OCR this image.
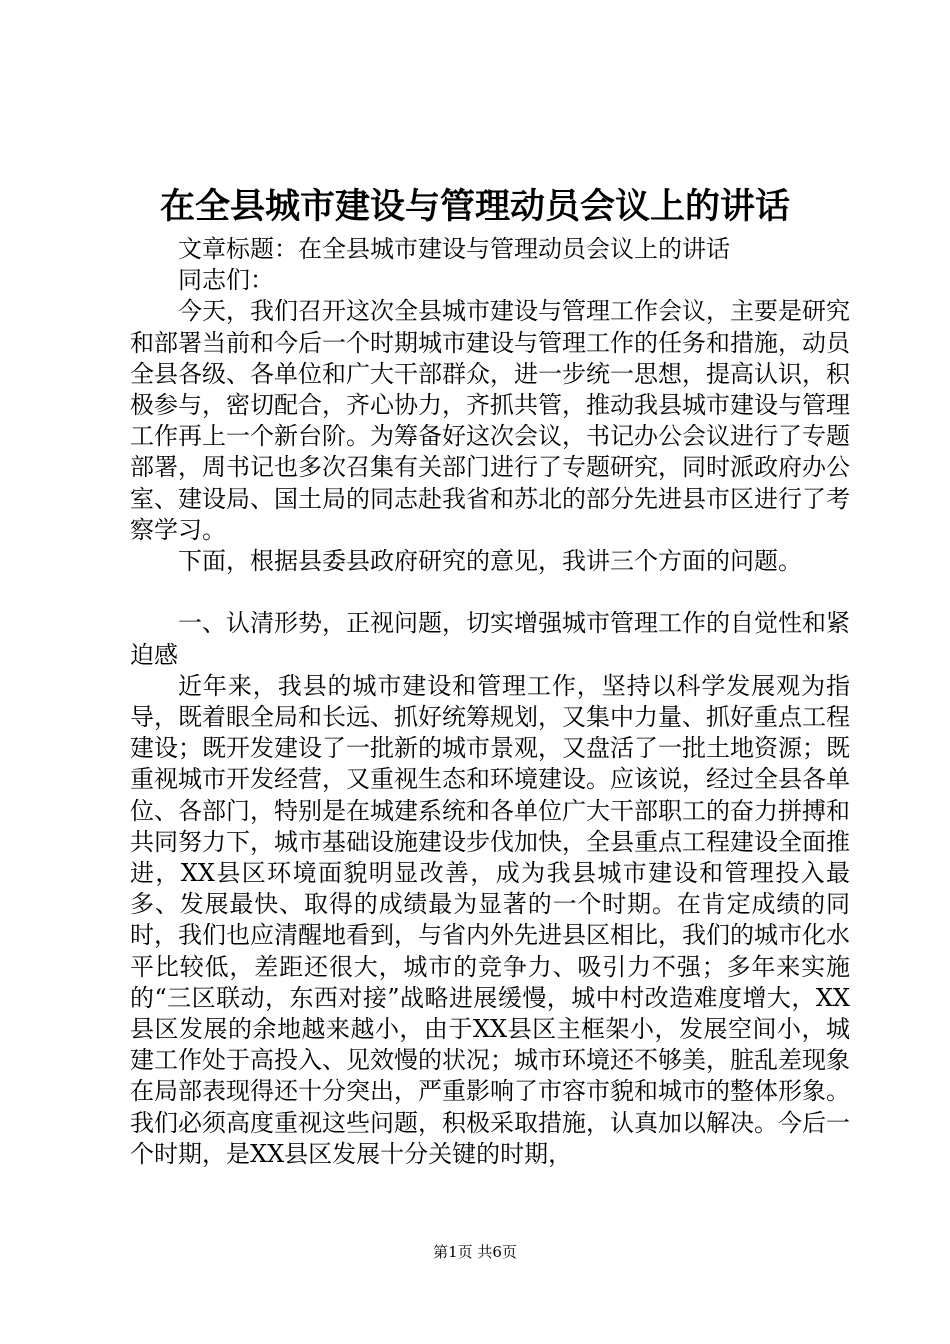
在全县城市建设与管理动员会议上的讲话

文章标题：在全县城市建设与管理动员会议上的讲话

同志们：

今天，我们召开这次全县城市建设与管理工作会议，主要是研究和部署当前和今后一个时期城市建设与管理工作的任务和措施，动员全县各级、各单位和广大干部群众，进一步统一思想，提高认识，积极参与，密切配合，齐心协力，齐抓共管，推动我县城市建设与管理工作再上一个新台阶。为筹备好这次会议，书记办公会议进行了专题部署，周书记也多次召集有关部门进行了专题研究，同时派政府办公室、建设局、国土局的同志赴我省和苏北的部分先进县市区进行了考察学习。

下面，根据县委县政府研究的意见，我讲三个方面的问题。

一、认清形势，正视问题，切实增强城市管理工作的自觉性和紧迫感

近年来，我县的城市建设和管理工作，坚持以科学发展观为指导，既着眼全局和长远、抓好统筹规划，又集中力量、抓好重点工程建设；既开发建设了一批新的城市景观，又盘活了一批土地资源；既重视城市开发经营，又重视生态和环境建设。应该说，经过全县各单位、各部门，特别是在城建系统和各单位广大干部职工的奋力拼搏和共同努力下，城市基础设施建设步伐加快，全县重点工程建设全面推进，XX县区环境面貌明显改善，成为我县城市建设和管理投入最多、发展最快、取得的成绩最为显著的一个时期。在肯定成绩的同时，我们也应清醒地看到，与省内外先进县区相比，我们的城市化水平比较低，差距还很大，城市的竞争力、吸引力不强；多年来实施的“三区联动，东西对接”战略进展缓慢，城中村改造难度增大，XX县区发展的余地越来越小，由于XX县区主框架小，发展空间小，城建工作处于高投入、见效慢的状况；城市环境还不够美，脏乱差现象在局部表现得还十分突出，严重影响了市容市貌和城市的整体形象。我们必须高度重视这些问题，积极采取措施，认真加以解决。今后一个时期，是XX县区发展十分关键的时期，

第1页 共6页
